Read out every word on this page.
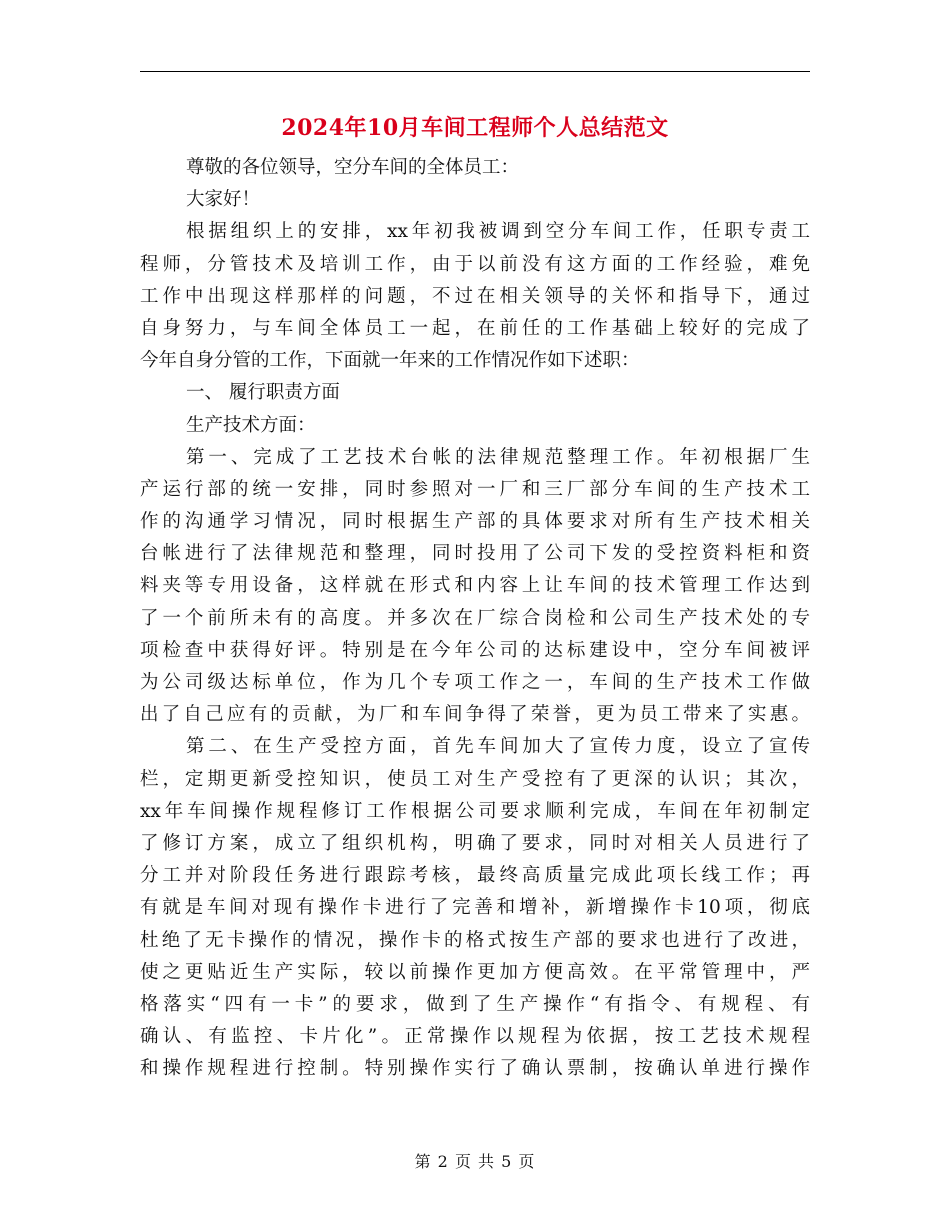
2024年10月车间工程师个人总结范文
尊敬的各位领导，空分车间的全体员工：
大家好！
根据组织上的安排，xx年初我被调到空分车间工作，任职专责工
程师，分管技术及培训工作，由于以前没有这方面的工作经验，难免
工作中出现这样那样的问题，不过在相关领导的关怀和指导下，通过
自身努力，与车间全体员工一起，在前任的工作基础上较好的完成了
今年自身分管的工作，下面就一年来的工作情况作如下述职：
一、 履行职责方面
生产技术方面：
第一、完成了工艺技术台帐的法律规范整理工作。年初根据厂生
产运行部的统一安排，同时参照对一厂和三厂部分车间的生产技术工
作的沟通学习情况，同时根据生产部的具体要求对所有生产技术相关
台帐进行了法律规范和整理，同时投用了公司下发的受控资料柜和资
料夹等专用设备，这样就在形式和内容上让车间的技术管理工作达到
了一个前所未有的高度。并多次在厂综合岗检和公司生产技术处的专
项检查中获得好评。特别是在今年公司的达标建设中，空分车间被评
为公司级达标单位，作为几个专项工作之一，车间的生产技术工作做
出了自己应有的贡献，为厂和车间争得了荣誉，更为员工带来了实惠。
第二、在生产受控方面，首先车间加大了宣传力度，设立了宣传
栏，定期更新受控知识，使员工对生产受控有了更深的认识；其次，
xx年车间操作规程修订工作根据公司要求顺利完成，车间在年初制定
了修订方案，成立了组织机构，明确了要求，同时对相关人员进行了
分工并对阶段任务进行跟踪考核，最终高质量完成此项长线工作；再
有就是车间对现有操作卡进行了完善和增补，新增操作卡10项，彻底
杜绝了无卡操作的情况，操作卡的格式按生产部的要求也进行了改进，
使之更贴近生产实际，较以前操作更加方便高效。在平常管理中，严
格落实“四有一卡”的要求，做到了生产操作“有指令、有规程、有
确认、有监控、卡片化”。正常操作以规程为依据，按工艺技术规程
和操作规程进行控制。特别操作实行了确认票制，按确认单进行操作
第 2 页 共 5 页
